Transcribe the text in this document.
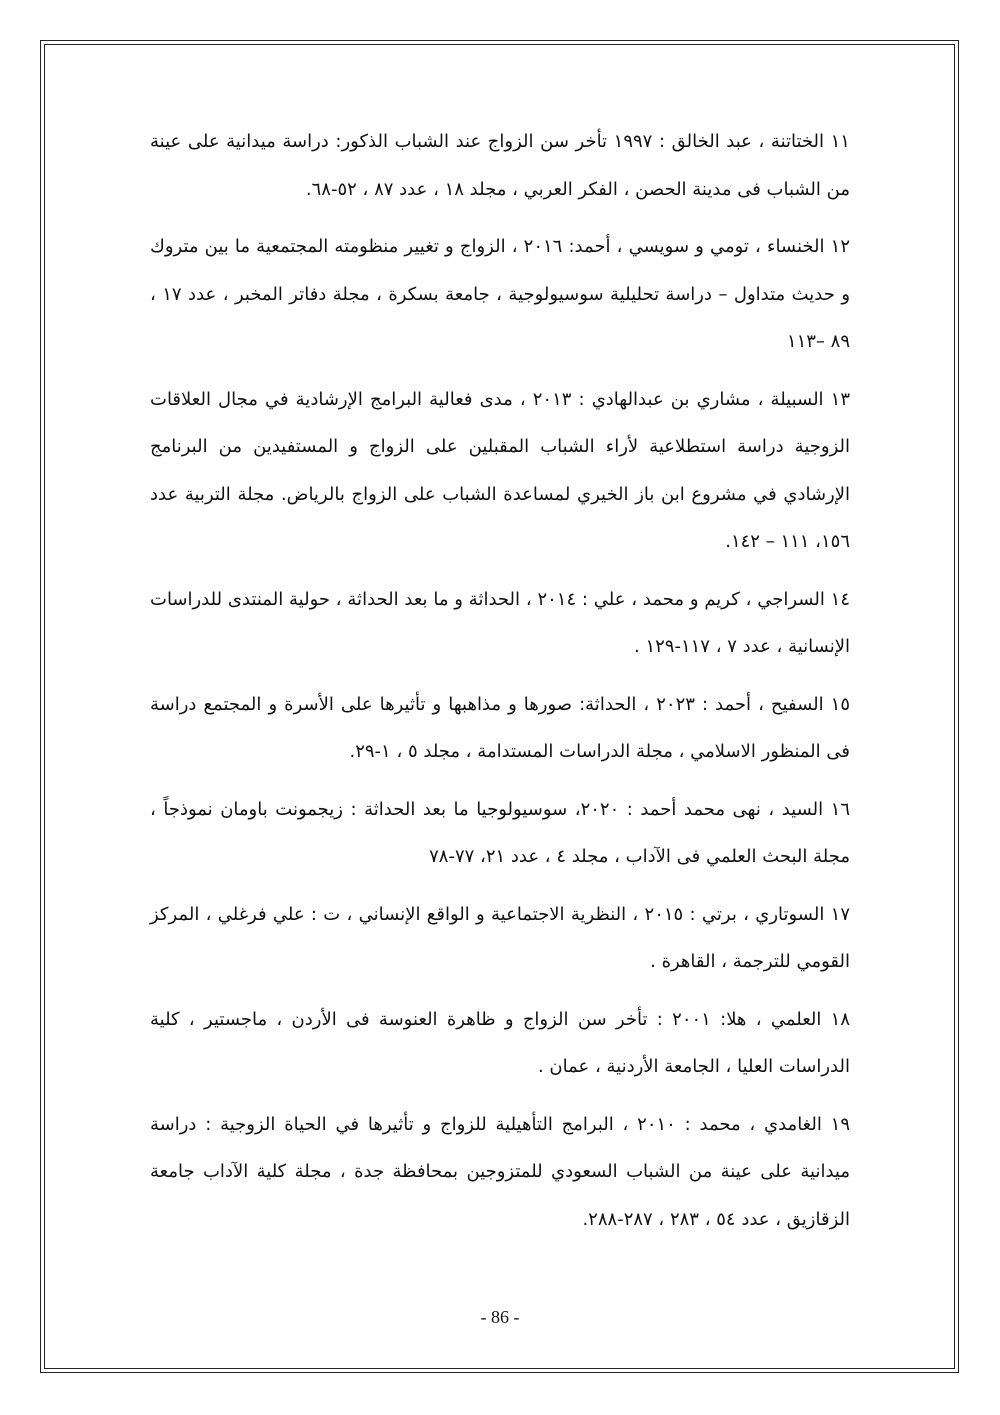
١١ الختاتنة ، عبد الخالق : ١٩٩٧ تأخر سن الزواج عند الشباب الذكور: دراسة ميدانية على عينة من الشباب فى مدينة الحصن ، الفكر العربي ، مجلد ١٨ ، عدد ٨٧ ، ٥٢-٦٨.

١٢ الخنساء ، تومي و سويسي ، أحمد: ٢٠١٦ ، الزواج و تغيير منظومته المجتمعية ما بين متروك و حديث متداول – دراسة تحليلية سوسيولوجية ، جامعة بسكرة ، مجلة دفاتر المخبر ، عدد ١٧ ، ٨٩ –١١٣

١٣ السبيلة ، مشاري بن عبدالهادي : ٢٠١٣ ، مدى فعالية البرامج الإرشادية في مجال العلاقات الزوجية دراسة استطلاعية لأراء الشباب المقبلين على الزواج و المستفيدين من البرنامج الإرشادي في مشروع ابن باز الخيري لمساعدة الشباب على الزواج بالرياض. مجلة التربية عدد ١٥٦، ١١١ – ١٤٢.

١٤ السراجي ، كريم و محمد ، علي : ٢٠١٤ ، الحداثة و ما بعد الحداثة ، حولية المنتدى للدراسات الإنسانية ، عدد ٧ ، ١١٧-١٢٩ .

١٥ السفيح ، أحمد : ٢٠٢٣ ، الحداثة: صورها و مذاهبها و تأثيرها على الأسرة و المجتمع دراسة فى المنظور الاسلامي ، مجلة الدراسات المستدامة ، مجلد ٥ ، ١-٢٩.

١٦ السيد ، نهى محمد أحمد : ٢٠٢٠، سوسيولوجيا ما بعد الحداثة : زيجمونت باومان نموذجاً ، مجلة البحث العلمي فى الآداب ، مجلد ٤ ، عدد ٢١، ٧٧-٧٨

١٧ السوتاري ، برتي : ٢٠١٥ ، النظرية الاجتماعية و الواقع الإنساني ، ت : علي فرغلي ، المركز القومي للترجمة ، القاهرة .

١٨ العلمي ، هلا: ٢٠٠١ : تأخر سن الزواج و ظاهرة العنوسة فى الأردن ، ماجستير ، كلية الدراسات العليا ، الجامعة الأردنية ، عمان .

١٩ الغامدي ، محمد : ٢٠١٠ ، البرامج التأهيلية للزواج و تأثيرها في الحياة الزوجية : دراسة ميدانية على عينة من الشباب السعودي للمتزوجين بمحافظة جدة ، مجلة كلية الآداب جامعة الزقازيق ، عدد ٥٤ ، ٢٨٣ ، ٢٨٧-٢٨٨.

- 86 -
